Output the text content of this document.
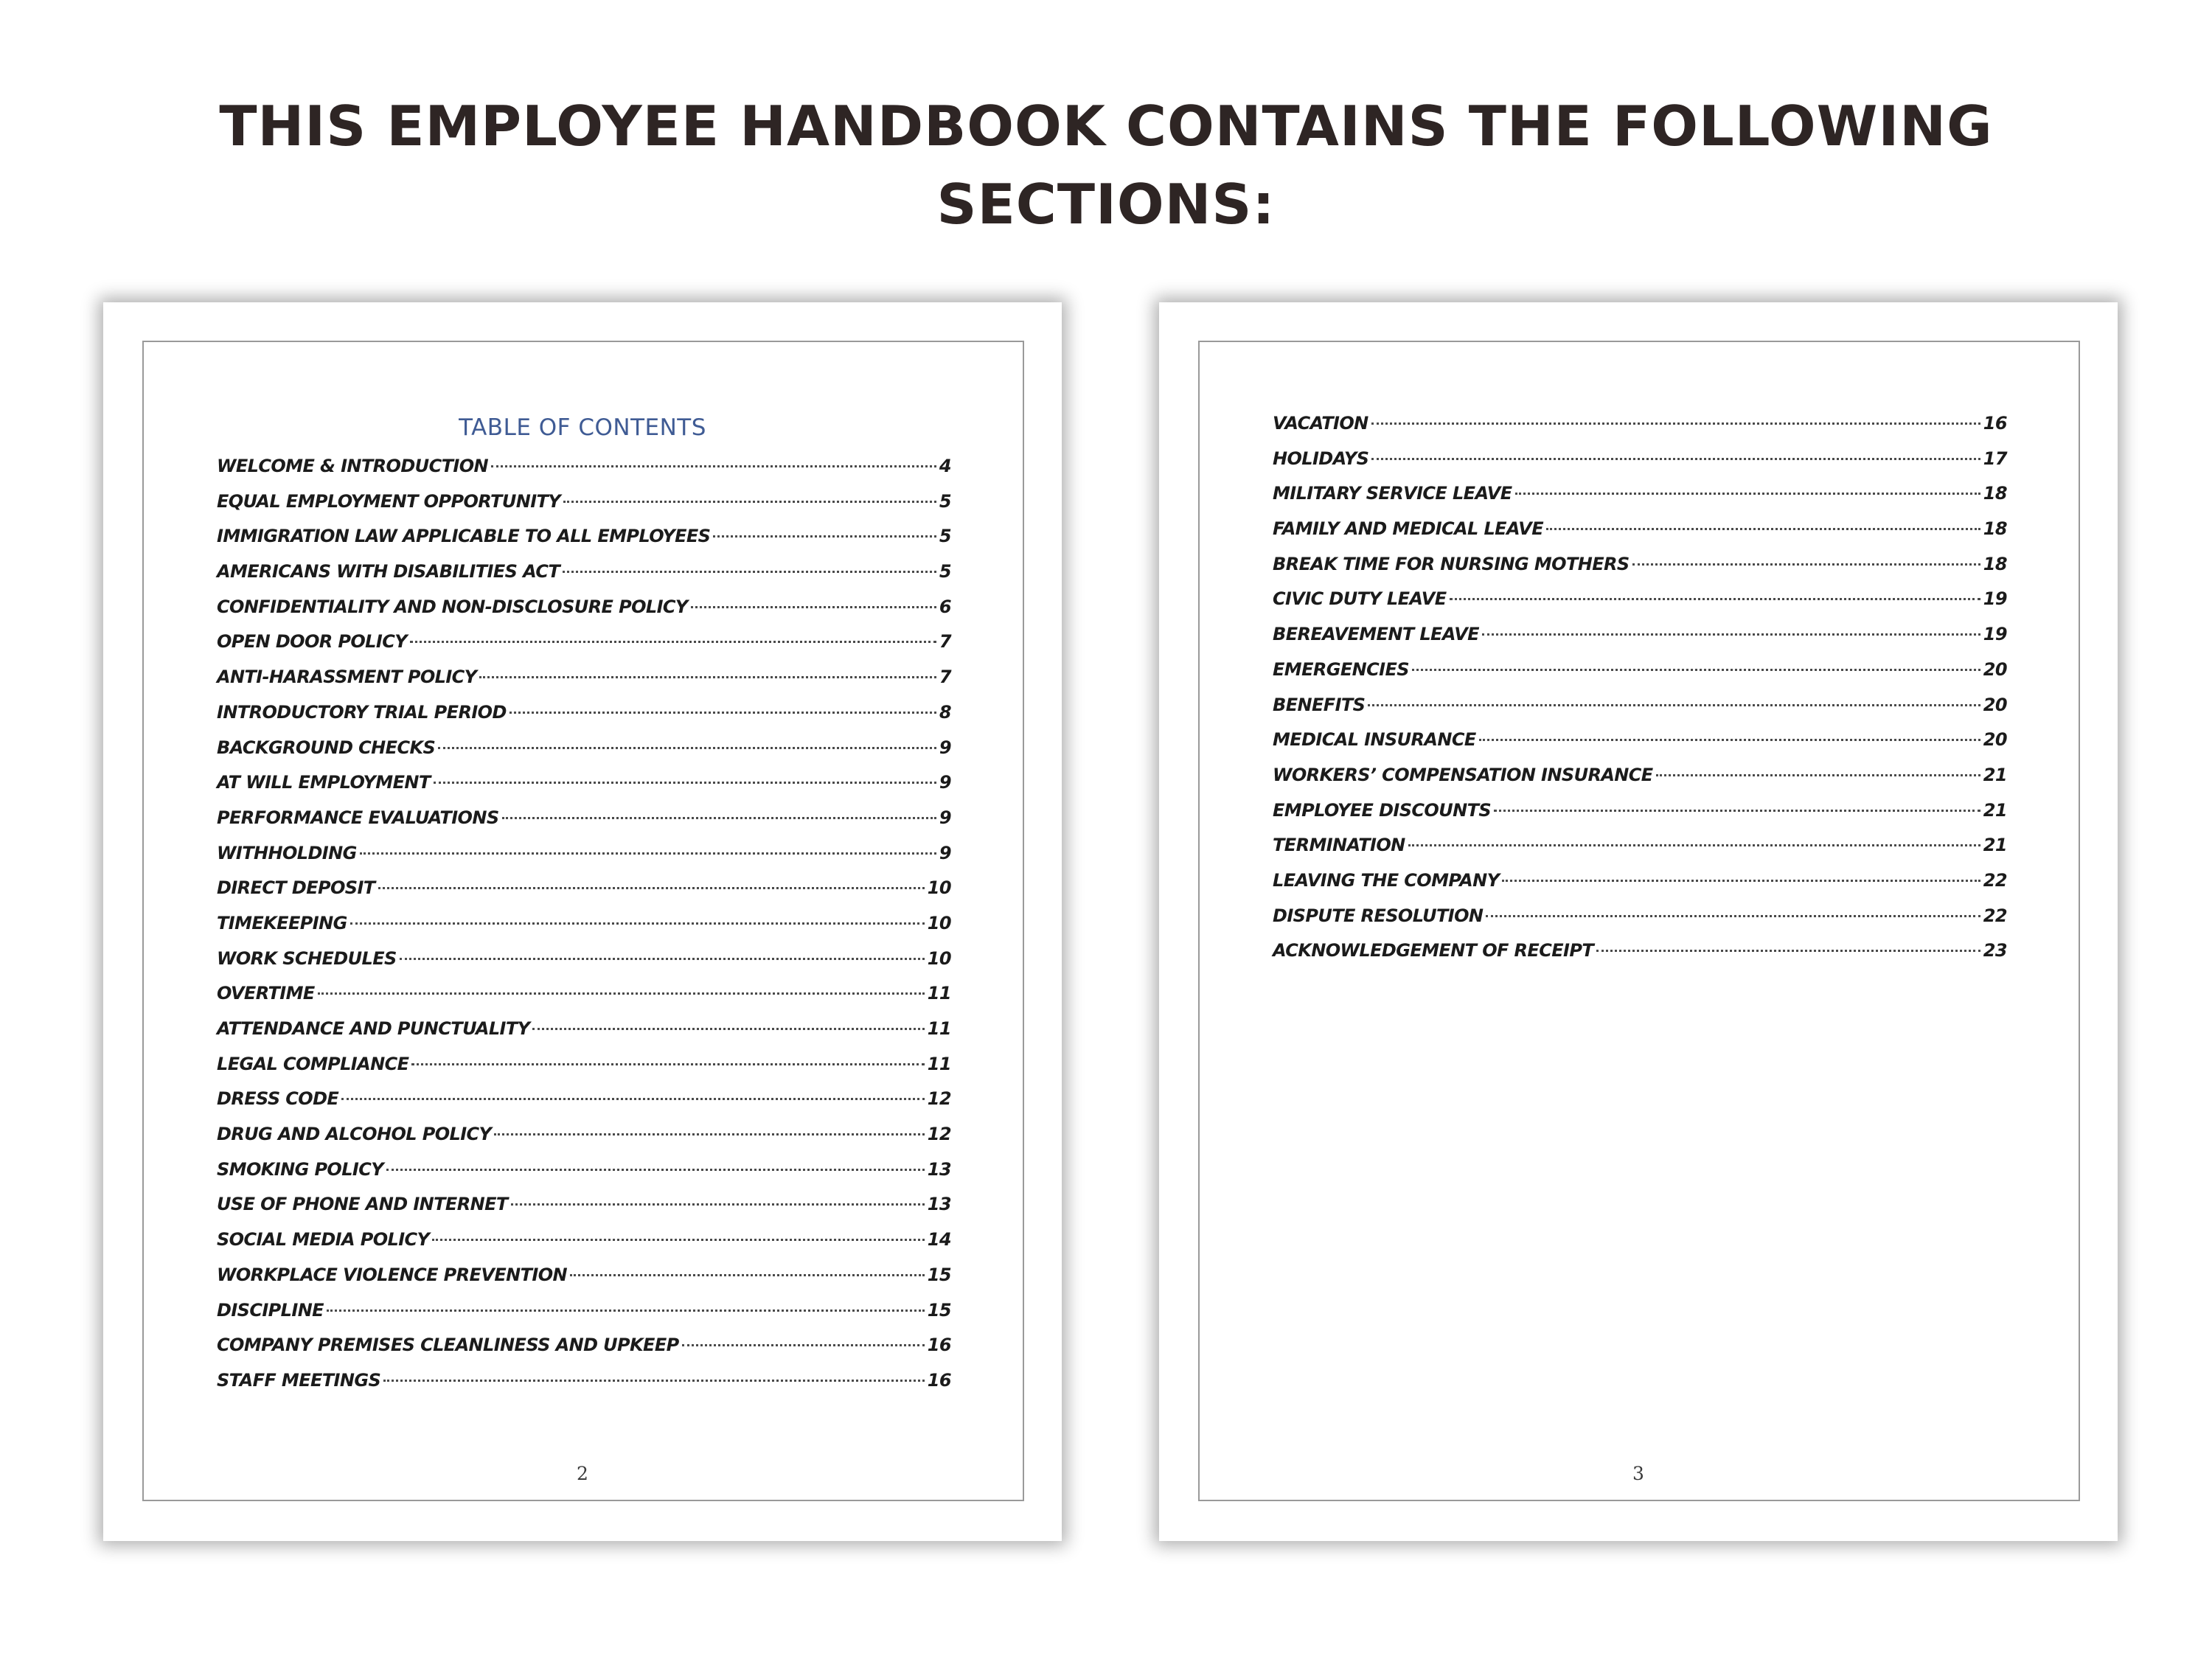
THIS EMPLOYEE HANDBOOK CONTAINS THE FOLLOWING
SECTIONS:
TABLE OF CONTENTS
WELCOME & INTRODUCTION	4
EQUAL EMPLOYMENT OPPORTUNITY	5
IMMIGRATION LAW APPLICABLE TO ALL EMPLOYEES	5
AMERICANS WITH DISABILITIES ACT	5
CONFIDENTIALITY AND NON-DISCLOSURE POLICY	6
OPEN DOOR POLICY	7
ANTI-HARASSMENT POLICY	7
INTRODUCTORY TRIAL PERIOD	8
BACKGROUND CHECKS	9
AT WILL EMPLOYMENT	9
PERFORMANCE EVALUATIONS	9
WITHHOLDING	9
DIRECT DEPOSIT	10
TIMEKEEPING	10
WORK SCHEDULES	10
OVERTIME	11
ATTENDANCE AND PUNCTUALITY	11
LEGAL COMPLIANCE	11
DRESS CODE	12
DRUG AND ALCOHOL POLICY	12
SMOKING POLICY	13
USE OF PHONE AND INTERNET	13
SOCIAL MEDIA POLICY	14
WORKPLACE VIOLENCE PREVENTION	15
DISCIPLINE	15
COMPANY PREMISES CLEANLINESS AND UPKEEP	16
STAFF MEETINGS	16
2
VACATION	16
HOLIDAYS	17
MILITARY SERVICE LEAVE	18
FAMILY AND MEDICAL LEAVE	18
BREAK TIME FOR NURSING MOTHERS	18
CIVIC DUTY LEAVE	19
BEREAVEMENT LEAVE	19
EMERGENCIES	20
BENEFITS	20
MEDICAL INSURANCE	20
WORKERS’ COMPENSATION INSURANCE	21
EMPLOYEE DISCOUNTS	21
TERMINATION	21
LEAVING THE COMPANY	22
DISPUTE RESOLUTION	22
ACKNOWLEDGEMENT OF RECEIPT	23
3
